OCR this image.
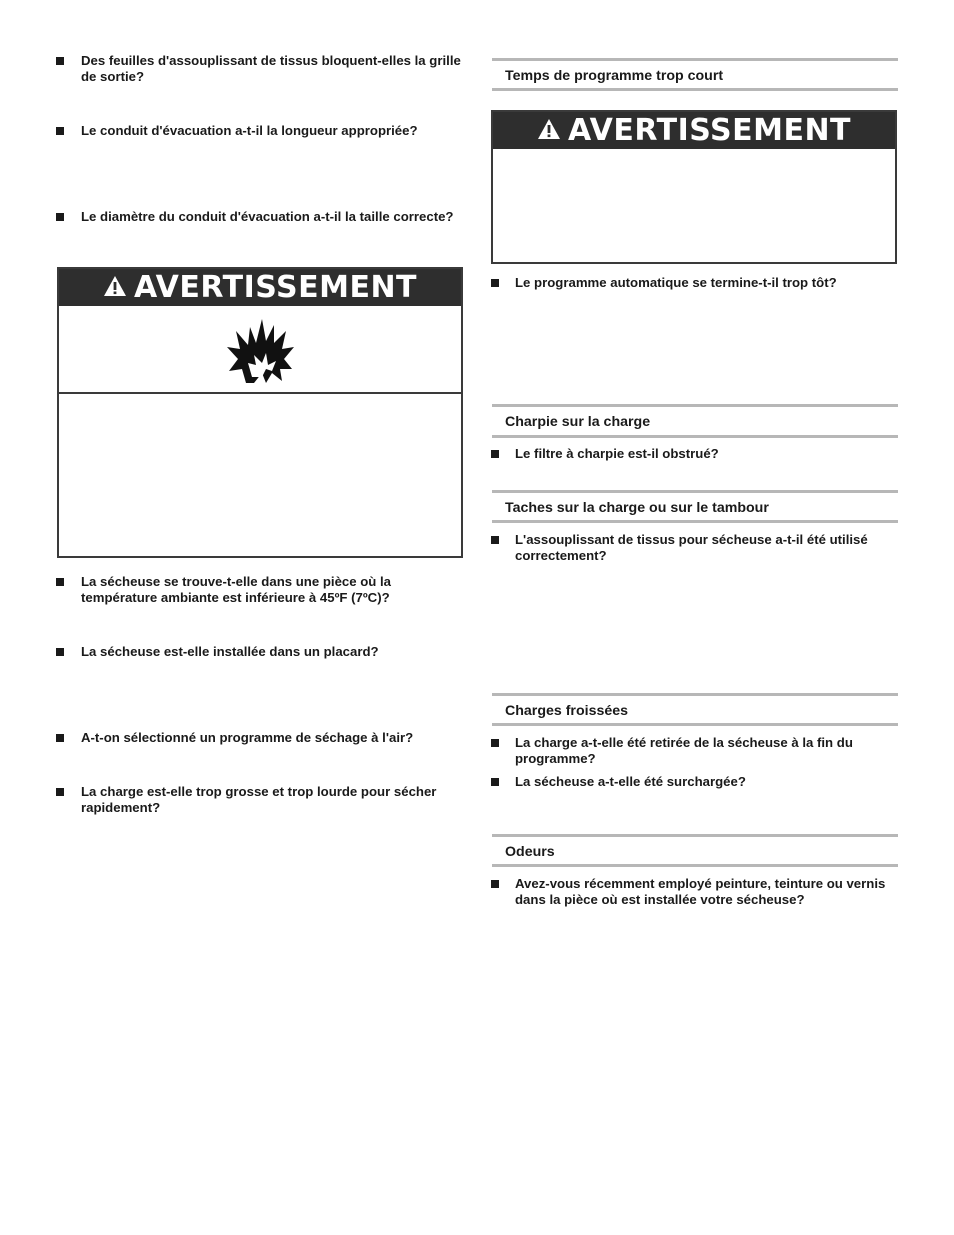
Des feuilles d'assouplissant de tissus bloquent-elles la grille de sortie?
Le conduit d'évacuation a-t-il la longueur appropriée?
Le diamètre du conduit d'évacuation a-t-il la taille correcte?
AVERTISSEMENT
La sécheuse se trouve-t-elle dans une pièce où la température ambiante est inférieure à 45ºF (7ºC)?
La sécheuse est-elle installée dans un placard?
A-t-on sélectionné un programme de séchage à l'air?
La charge est-elle trop grosse et trop lourde pour sécher rapidement?
Temps de programme trop court
AVERTISSEMENT
Le programme automatique se termine-t-il trop tôt?
Charpie sur la charge
Le filtre à charpie est-il obstrué?
Taches sur la charge ou sur le tambour
L'assouplissant de tissus pour sécheuse a-t-il été utilisé correctement?
Charges froissées
La charge a-t-elle été retirée de la sécheuse à la fin du programme?
La sécheuse a-t-elle été surchargée?
Odeurs
Avez-vous récemment employé peinture, teinture ou vernis dans la pièce où est installée votre sécheuse?
